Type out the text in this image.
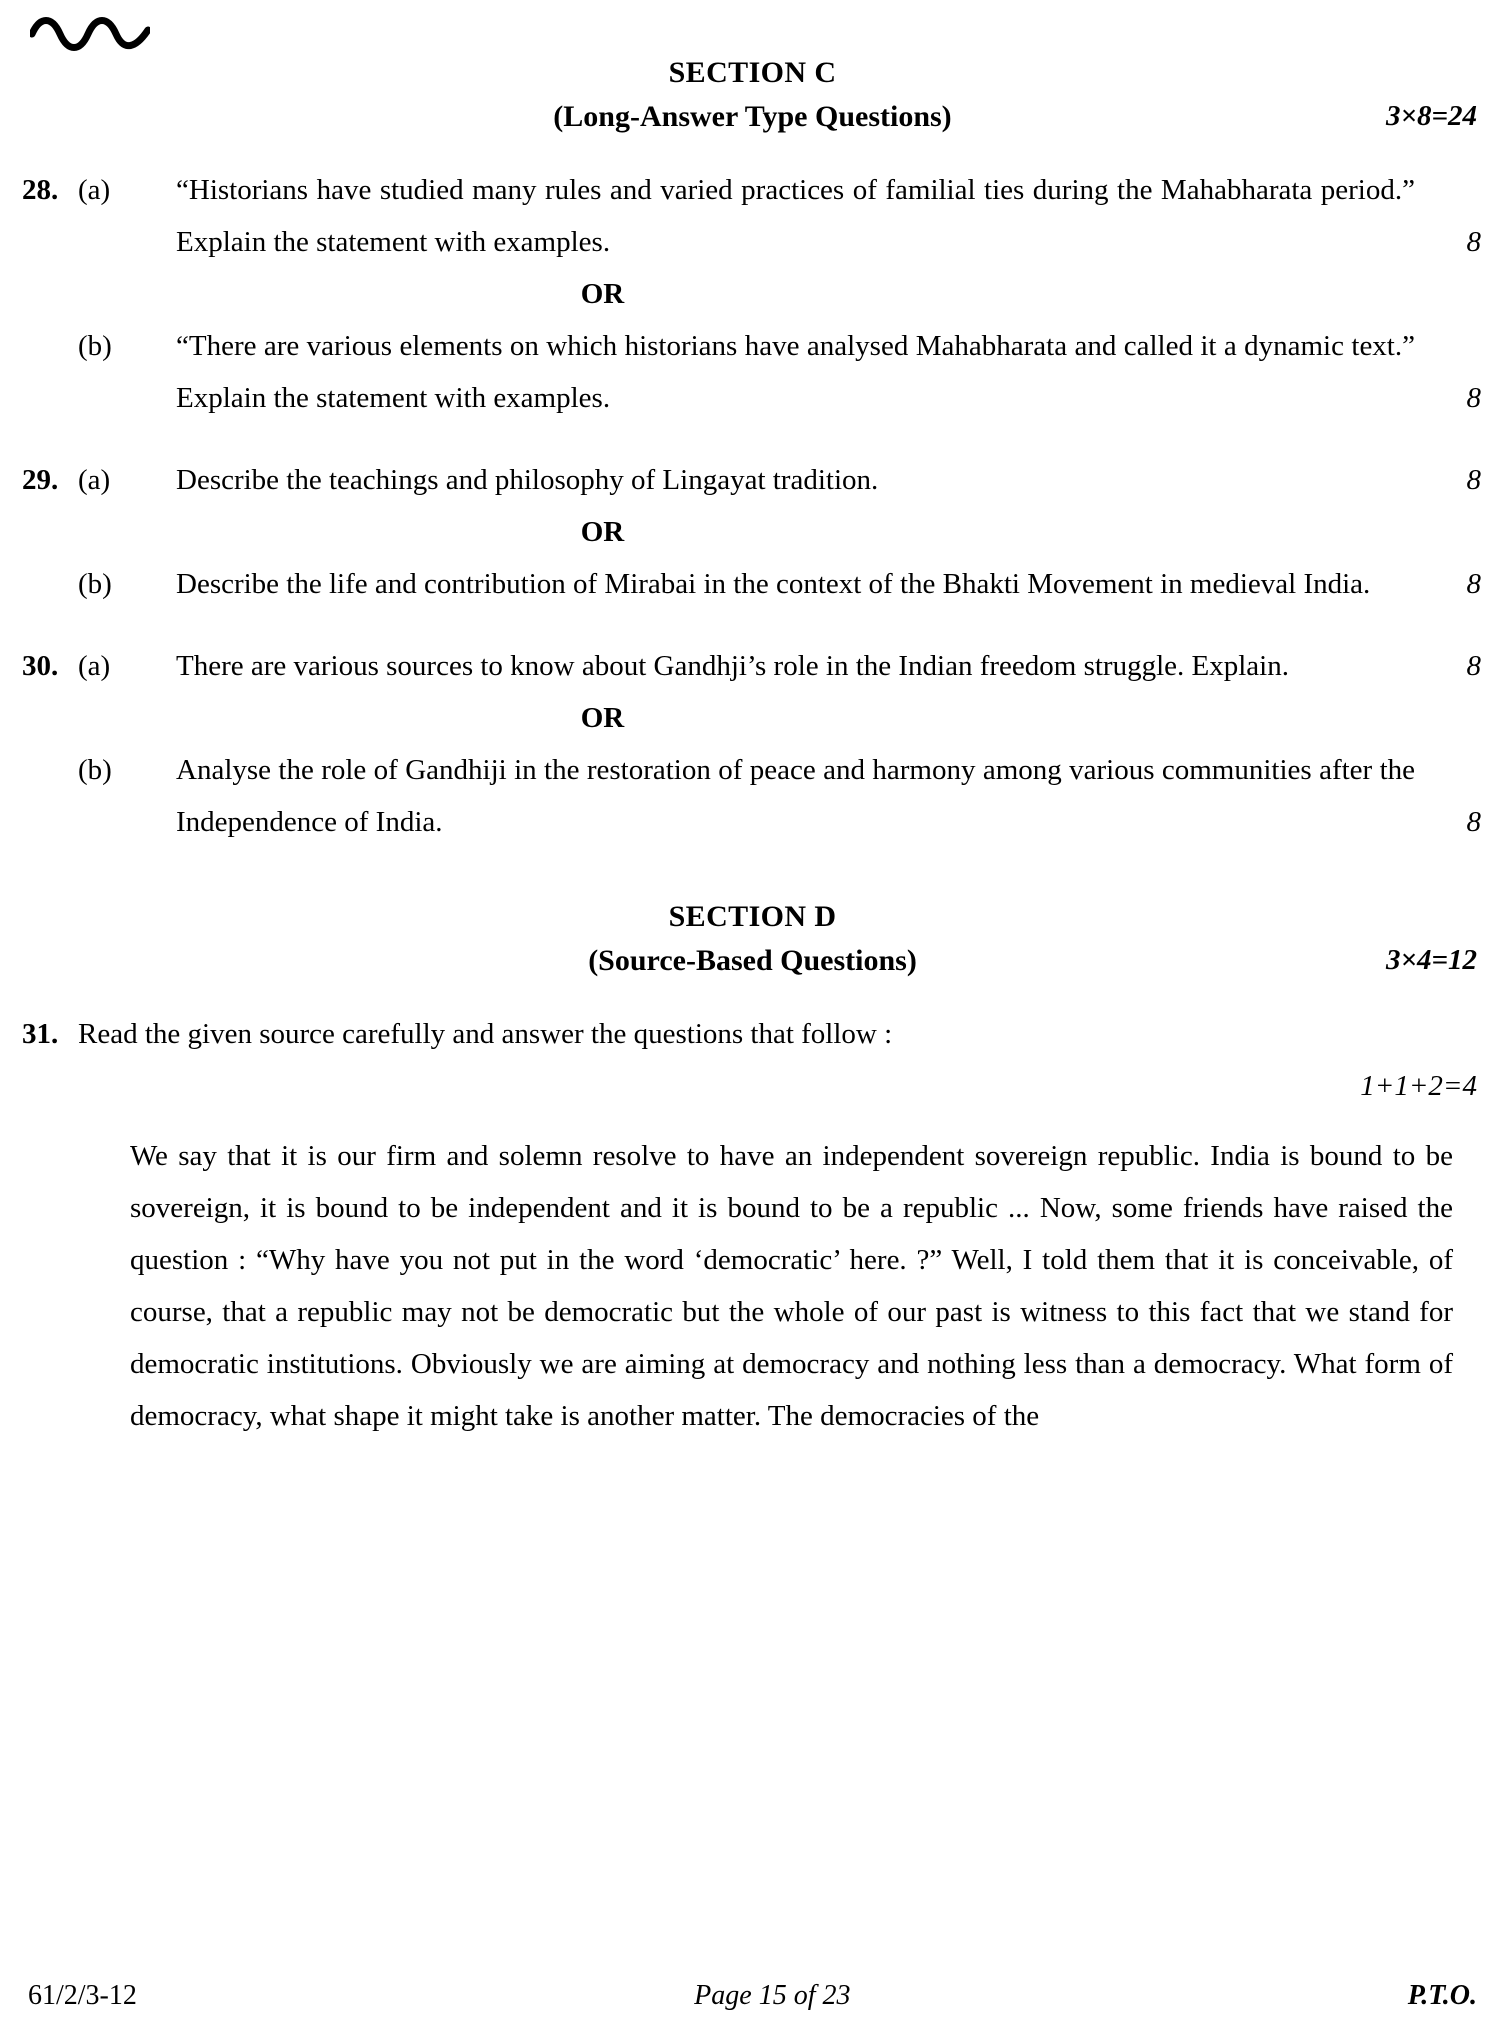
SECTION C
(Long-Answer Type Questions)	3×8=24
28. (a)	“Historians have studied many rules and varied practices of familial ties during the Mahabharata period.” Explain the statement with examples.	8
OR
(b)	“There are various elements on which historians have analysed Mahabharata and called it a dynamic text.” Explain the statement with examples.	8
29. (a)	Describe the teachings and philosophy of Lingayat tradition.	8
OR
(b)	Describe the life and contribution of Mirabai in the context of the Bhakti Movement in medieval India.	8
30. (a)	There are various sources to know about Gandhji’s role in the Indian freedom struggle. Explain.	8
OR
(b)	Analyse the role of Gandhiji in the restoration of peace and harmony among various communities after the Independence of India.	8
SECTION D
(Source-Based Questions)	3×4=12
31. Read the given source carefully and answer the questions that follow :
1+1+2=4
We say that it is our firm and solemn resolve to have an independent sovereign republic. India is bound to be sovereign, it is bound to be independent and it is bound to be a republic ... Now, some friends have raised the question : “Why have you not put in the word ‘democratic’ here. ?” Well, I told them that it is conceivable, of course, that a republic may not be democratic but the whole of our past is witness to this fact that we stand for democratic institutions. Obviously we are aiming at democracy and nothing less than a democracy. What form of democracy, what shape it might take is another matter. The democracies of the
61/2/3-12	Page 15 of 23	P.T.O.
